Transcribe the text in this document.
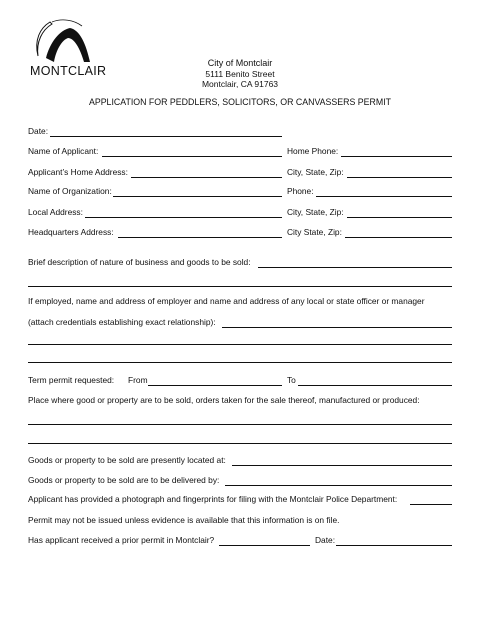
MONTCLAIR
City of Montclair
5111 Benito Street
Montclair, CA 91763
APPLICATION FOR PEDDLERS, SOLICITORS, OR CANVASSERS PERMIT
Date:
Name of Applicant:	Home Phone:
Applicant’s Home Address:	City, State, Zip:
Name of Organization:	Phone:
Local Address:	City, State, Zip:
Headquarters Address:	City State, Zip:
Brief description of nature of business and goods to be sold:
If employed, name and address of employer and name and address of any local or state officer or manager
(attach credentials establishing exact relationship):
Term permit requested: From	To
Place where good or property are to be sold, orders taken for the sale thereof, manufactured or produced:
Goods or property to be sold are presently located at:
Goods or property to be sold are to be delivered by:
Applicant has provided a photograph and fingerprints for filing with the Montclair Police Department:
Permit may not be issued unless evidence is available that this information is on file.
Has applicant received a prior permit in Montclair?	Date:
